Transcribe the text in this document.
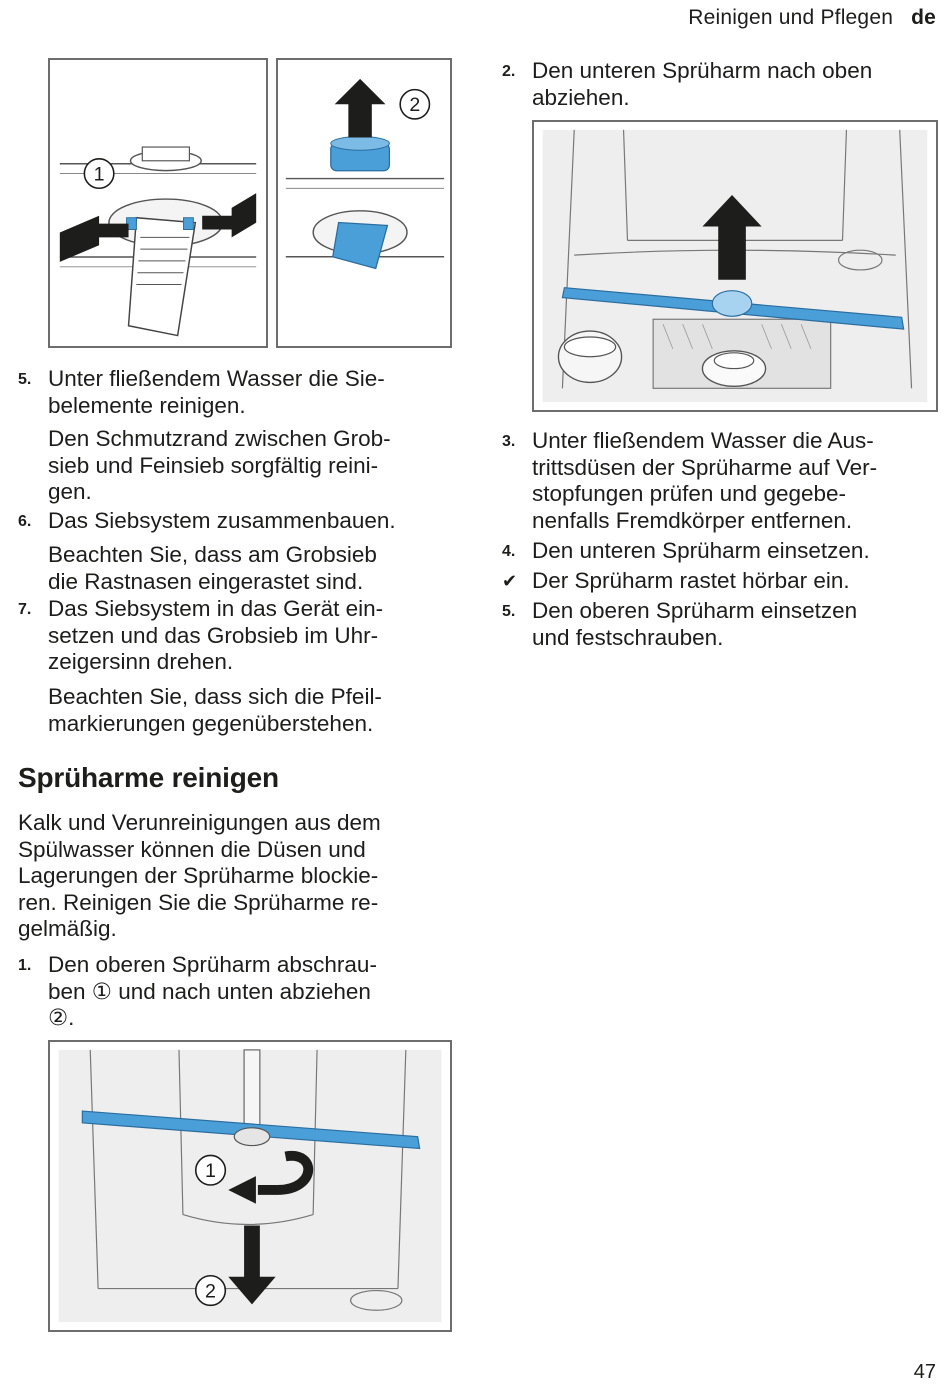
Reinigen und Pflegen de
1
2
5. Unter fließendem Wasser die Sie-
belemente reinigen.
Den Schmutzrand zwischen Grob-
sieb und Feinsieb sorgfältig reini-
gen.
6. Das Siebsystem zusammenbauen.
Beachten Sie, dass am Grobsieb
die Rastnasen eingerastet sind.
7. Das Siebsystem in das Gerät ein-
setzen und das Grobsieb im Uhr-
zeigersinn drehen.
Beachten Sie, dass sich die Pfeil-
markierungen gegenüberstehen.
Sprüharme reinigen
Kalk und Verunreinigungen aus dem
Spülwasser können die Düsen und
Lagerungen der Sprüharme blockie-
ren. Reinigen Sie die Sprüharme re-
gelmäßig.
1. Den oberen Sprüharm abschrau-
ben ① und nach unten abziehen
②.
1
2
2. Den unteren Sprüharm nach oben
abziehen.
3. Unter fließendem Wasser die Aus-
trittsdüsen der Sprüharme auf Ver-
stopfungen prüfen und gegebe-
nenfalls Fremdkörper entfernen.
4. Den unteren Sprüharm einsetzen.
✔ Der Sprüharm rastet hörbar ein.
5. Den oberen Sprüharm einsetzen
und festschrauben.
47
